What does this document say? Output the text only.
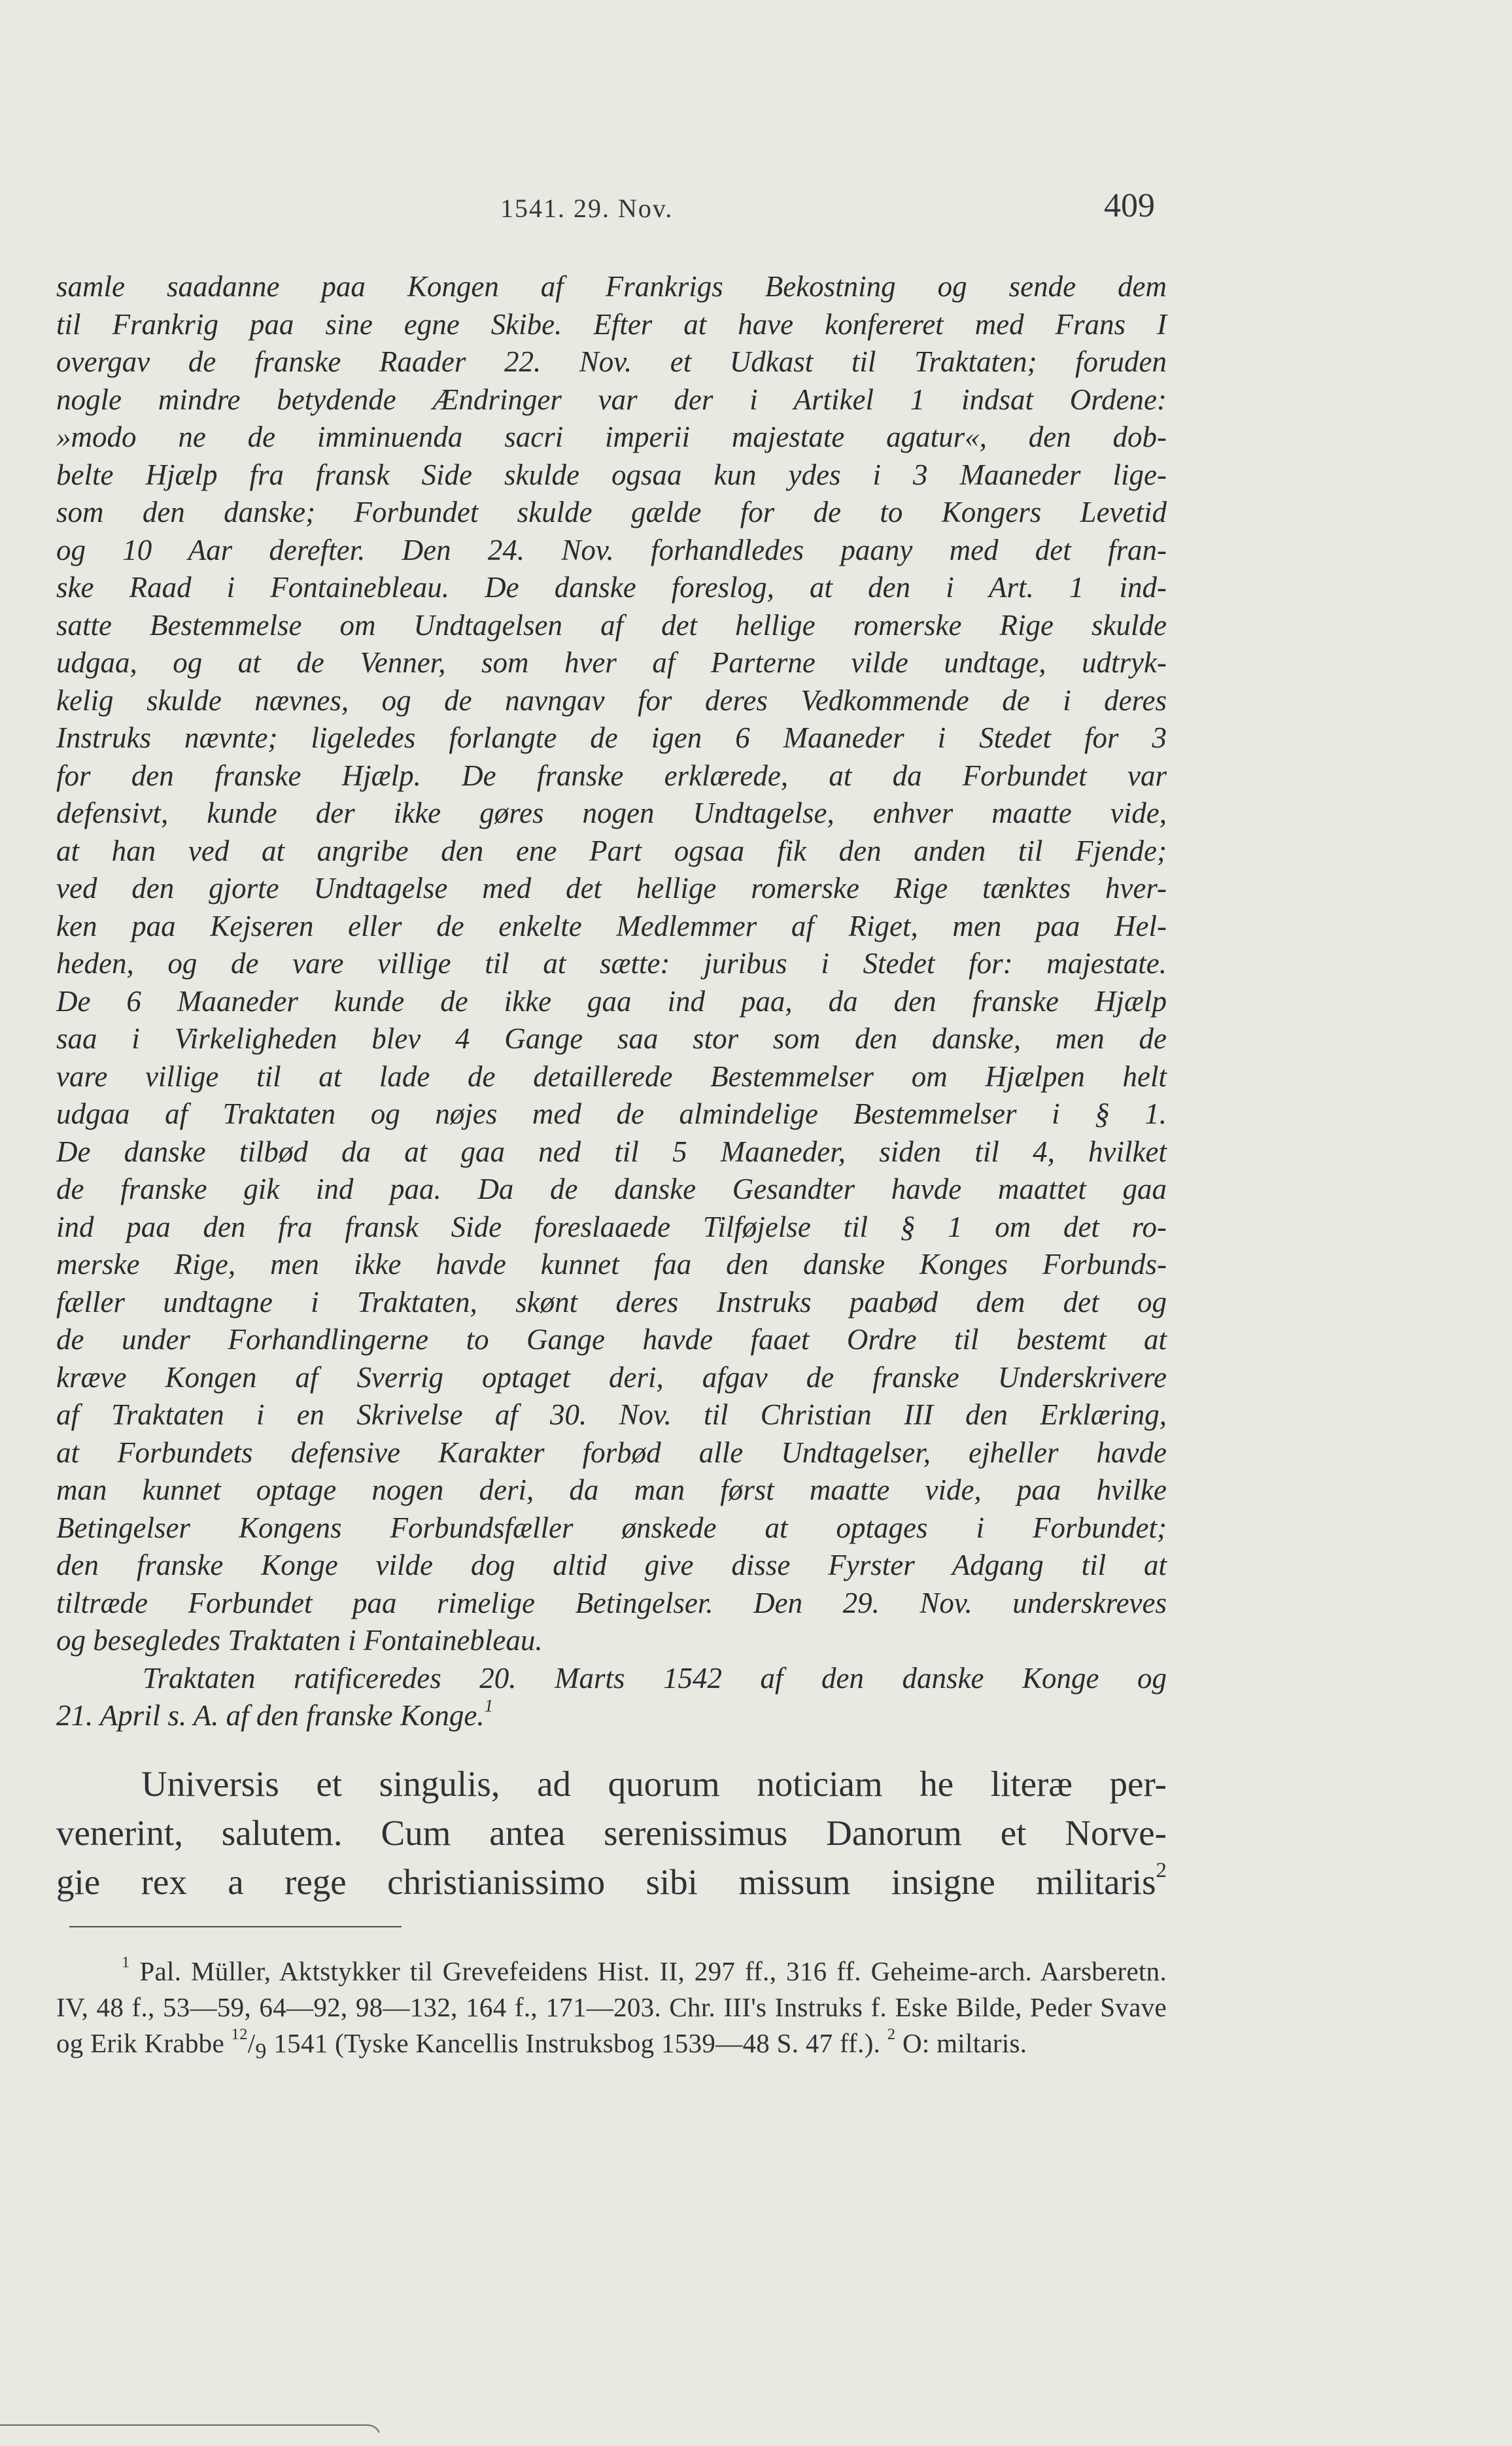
1541. 29. Nov.	409

samle saadanne paa Kongen af Frankrigs Bekostning og sende dem

til Frankrig paa sine egne Skibe. Efter at have konfereret med Frans I

overgav de franske Raader 22. Nov. et Udkast til Traktaten; foruden

nogle mindre betydende Ændringer var der i Artikel 1 indsat Ordene:

»modo ne de imminuenda sacri imperii majestate agatur«, den dob-

belte Hjælp fra fransk Side skulde ogsaa kun ydes i 3 Maaneder lige-

som den danske; Forbundet skulde gælde for de to Kongers Levetid

og 10 Aar derefter. Den 24. Nov. forhandledes paany med det fran-

ske Raad i Fontainebleau. De danske foreslog, at den i Art. 1 ind-

satte Bestemmelse om Undtagelsen af det hellige romerske Rige skulde

udgaa, og at de Venner, som hver af Parterne vilde undtage, udtryk-

kelig skulde nævnes, og de navngav for deres Vedkommende de i deres

Instruks nævnte; ligeledes forlangte de igen 6 Maaneder i Stedet for 3

for den franske Hjælp. De franske erklærede, at da Forbundet var

defensivt, kunde der ikke gøres nogen Undtagelse, enhver maatte vide,

at han ved at angribe den ene Part ogsaa fik den anden til Fjende;

ved den gjorte Undtagelse med det hellige romerske Rige tænktes hver-

ken paa Kejseren eller de enkelte Medlemmer af Riget, men paa Hel-

heden, og de vare villige til at sætte: juribus i Stedet for: majestate.

De 6 Maaneder kunde de ikke gaa ind paa, da den franske Hjælp

saa i Virkeligheden blev 4 Gange saa stor som den danske, men de

vare villige til at lade de detaillerede Bestemmelser om Hjælpen helt

udgaa af Traktaten og nøjes med de almindelige Bestemmelser i § 1.

De danske tilbød da at gaa ned til 5 Maaneder, siden til 4, hvilket

de franske gik ind paa. Da de danske Gesandter havde maattet gaa

ind paa den fra fransk Side foreslaaede Tilføjelse til § 1 om det ro-

merske Rige, men ikke havde kunnet faa den danske Konges Forbunds-

fæller undtagne i Traktaten, skønt deres Instruks paabød dem det og

de under Forhandlingerne to Gange havde faaet Ordre til bestemt at

kræve Kongen af Sverrig optaget deri, afgav de franske Underskrivere

af Traktaten i en Skrivelse af 30. Nov. til Christian III den Erklæring,

at Forbundets defensive Karakter forbød alle Undtagelser, ejheller havde

man kunnet optage nogen deri, da man først maatte vide, paa hvilke

Betingelser Kongens Forbundsfæller ønskede at optages i Forbundet;

den franske Konge vilde dog altid give disse Fyrster Adgang til at

tiltræde Forbundet paa rimelige Betingelser. Den 29. Nov. underskreves

og besegledes Traktaten i Fontainebleau.

Traktaten ratificeredes 20. Marts 1542 af den danske Konge og

21. April s. A. af den franske Konge.$^1$

Universis et singulis, ad quorum noticiam he literæ per-

venerint, salutem. Cum antea serenissimus Danorum et Norve-

gie rex a rege christianissimo sibi missum insigne militaris$^2$

$^1$ Pal. Müller, Aktstykker til Grevefeidens Hist. II, 297 ff., 316 ff. Geheime-arch. Aarsberetn. IV, 48 f., 53—59, 64—92, 98—132, 164 f., 171—203. Chr. III's Instruks f. Eske Bilde, Peder Svave og Erik Krabbe $^{12}/_9$ 1541 (Tyske Kancellis Instruksbog 1539—48 S. 47 ff.). $^2$ O: miltaris.
